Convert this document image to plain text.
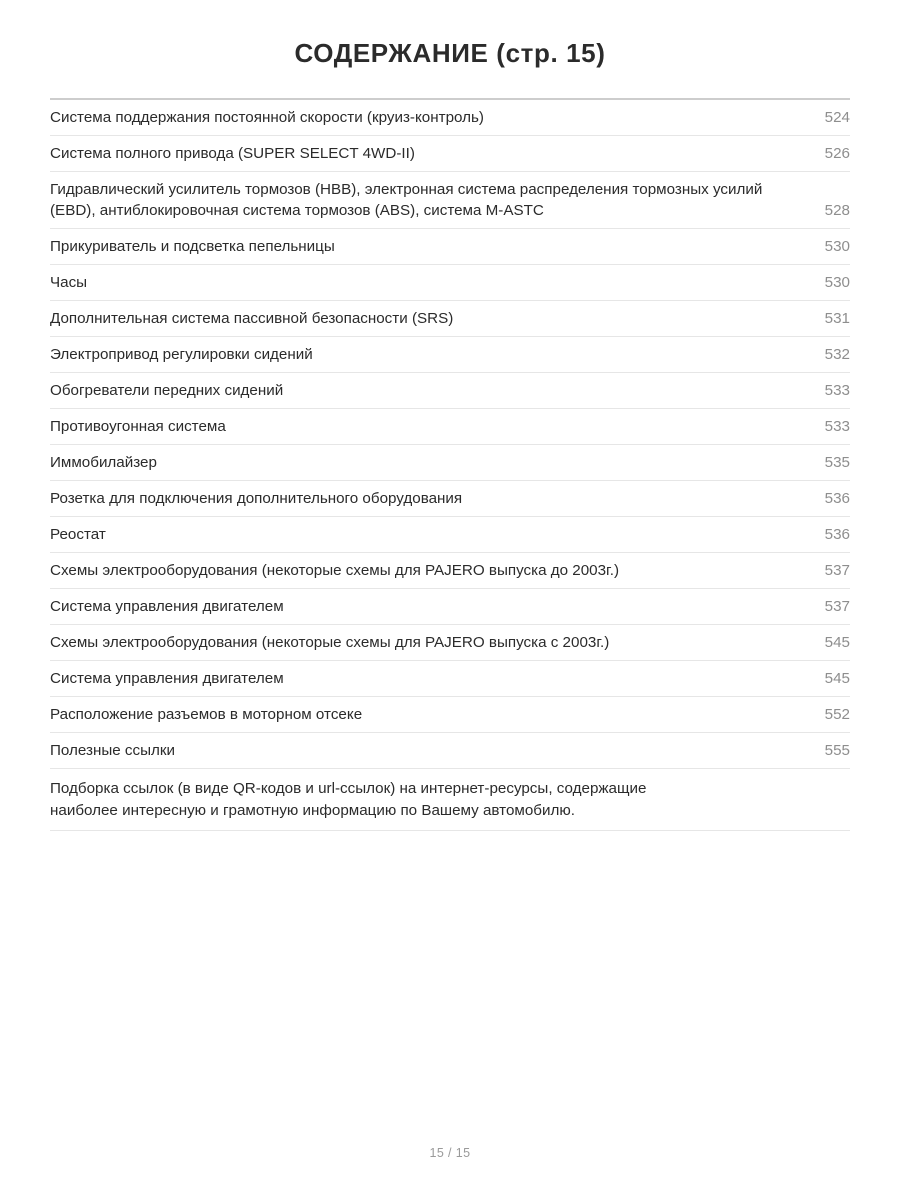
СОДЕРЖАНИЕ (стр. 15)
Система поддержания постоянной скорости (круиз-контроль)	524
Система полного привода (SUPER SELECT 4WD-II)	526
Гидравлический усилитель тормозов (HBB), электронная система распределения тормозных усилий (EBD), антиблокировочная система тормозов (ABS), система M-ASTC	528
Прикуриватель и подсветка пепельницы	530
Часы	530
Дополнительная система пассивной безопасности (SRS)	531
Электропривод регулировки сидений	532
Обогреватели передних сидений	533
Противоугонная система	533
Иммобилайзер	535
Розетка для подключения дополнительного оборудования	536
Реостат	536
Схемы электрооборудования (некоторые схемы для PAJERO выпуска до 2003г.)	537
Система управления двигателем	537
Схемы электрооборудования (некоторые схемы для PAJERO выпуска с 2003г.)	545
Система управления двигателем	545
Расположение разъемов в моторном отсеке	552
Полезные ссылки	555

Подборка ссылок (в виде QR-кодов и url-ссылок) на интернет-ресурсы, содержащие
наиболее интересную и грамотную информацию по Вашему автомобилю.	
15 / 15
